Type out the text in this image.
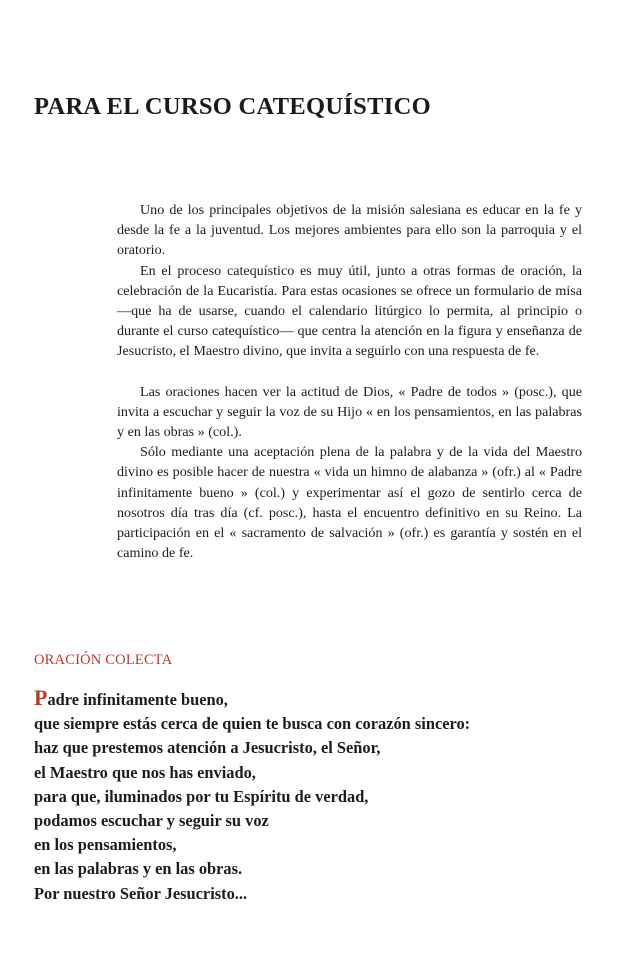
PARA EL CURSO CATEQUÍSTICO

Uno de los principales objetivos de la misión salesiana es educar en la fe y desde la fe a la juventud. Los mejores ambientes para ello son la parroquia y el oratorio.

En el proceso catequístico es muy útil, junto a otras formas de oración, la celebración de la Eucaristía. Para estas ocasiones se ofrece un formulario de misa —que ha de usarse, cuando el calendario litúrgico lo permita, al principio o durante el curso catequístico— que centra la atención en la figura y enseñanza de Jesucristo, el Maestro divino, que invita a seguirlo con una respuesta de fe.

Las oraciones hacen ver la actitud de Dios, « Padre de todos » (posc.), que invita a escuchar y seguir la voz de su Hijo « en los pensamientos, en las palabras y en las obras » (col.).

Sólo mediante una aceptación plena de la palabra y de la vida del Maestro divino es posible hacer de nuestra « vida un himno de alabanza » (ofr.) al « Padre infinitamente bueno » (col.) y experimentar así el gozo de sentirlo cerca de nosotros día tras día (cf. posc.), hasta el encuentro definitivo en su Reino. La participación en el « sacramento de salvación » (ofr.) es garantía y sostén en el camino de fe.

ORACIÓN COLECTA
Padre infinitamente bueno,
que siempre estás cerca de quien te busca con corazón sincero:
haz que prestemos atención a Jesucristo, el Señor,
el Maestro que nos has enviado,
para que, iluminados por tu Espíritu de verdad,
podamos escuchar y seguir su voz
en los pensamientos,
en las palabras y en las obras.
Por nuestro Señor Jesucristo...
